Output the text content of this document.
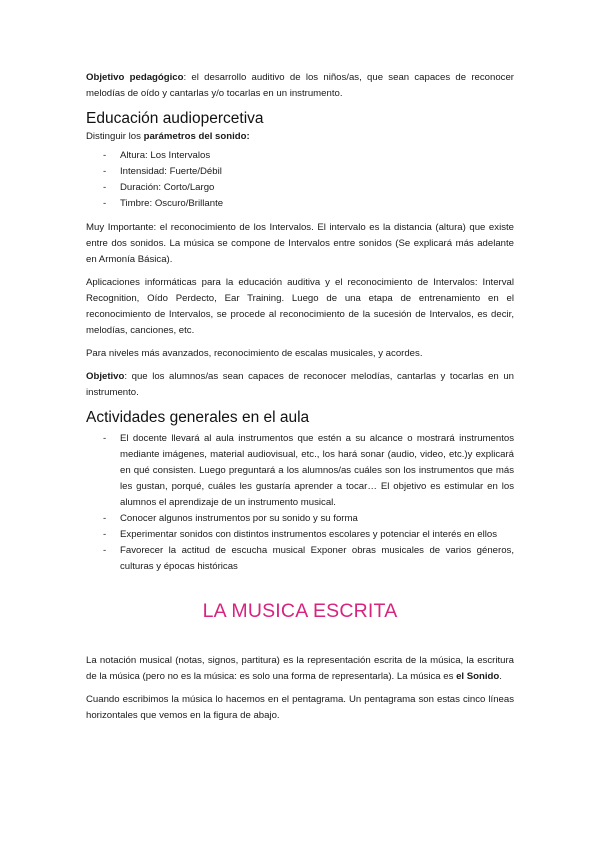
Objetivo pedagógico: el desarrollo auditivo de los niños/as, que sean capaces de reconocer melodías de oído y cantarlas y/o tocarlas en un instrumento.

Educación audiopercetiva

Distinguir los parámetros del sonido:

- Altura: Los Intervalos
- Intensidad: Fuerte/Débil
- Duración: Corto/Largo
- Timbre: Oscuro/Brillante

Muy Importante: el reconocimiento de los Intervalos. El intervalo es la distancia (altura) que existe entre dos sonidos. La música se compone de Intervalos entre sonidos (Se explicará más adelante en Armonía Básica).

Aplicaciones informáticas para la educación auditiva y el reconocimiento de Intervalos: Interval Recognition, Oído Perdecto, Ear Training. Luego de una etapa de entrenamiento en el reconocimiento de Intervalos, se procede al reconocimiento de la sucesión de Intervalos, es decir, melodías, canciones, etc.

Para niveles más avanzados, reconocimiento de escalas musicales, y acordes.

Objetivo: que los alumnos/as sean capaces de reconocer melodías, cantarlas y tocarlas en un instrumento.

Actividades generales en el aula
- El docente llevará al aula instrumentos que estén a su alcance o mostrará instrumentos mediante imágenes, material audiovisual, etc., los hará sonar (audio, video, etc.)y explicará en qué consisten. Luego preguntará a los alumnos/as cuáles son los instrumentos que más les gustan, porqué, cuáles les gustaría aprender a tocar… El objetivo es estimular en los alumnos el aprendizaje de un instrumento musical.
- Conocer algunos instrumentos por su sonido y su forma
- Experimentar sonidos con distintos instrumentos escolares y potenciar el interés en ellos
- Favorecer la actitud de escucha musical Exponer obras musicales de varios géneros, culturas y épocas históricas
LA MUSICA ESCRITA

La notación musical (notas, signos, partitura) es la representación escrita de la música, la escritura de la música (pero no es la música: es solo una forma de representarla). La música es el Sonido.

Cuando escribimos la música lo hacemos en el pentagrama. Un pentagrama son estas cinco líneas horizontales que vemos en la figura de abajo.
